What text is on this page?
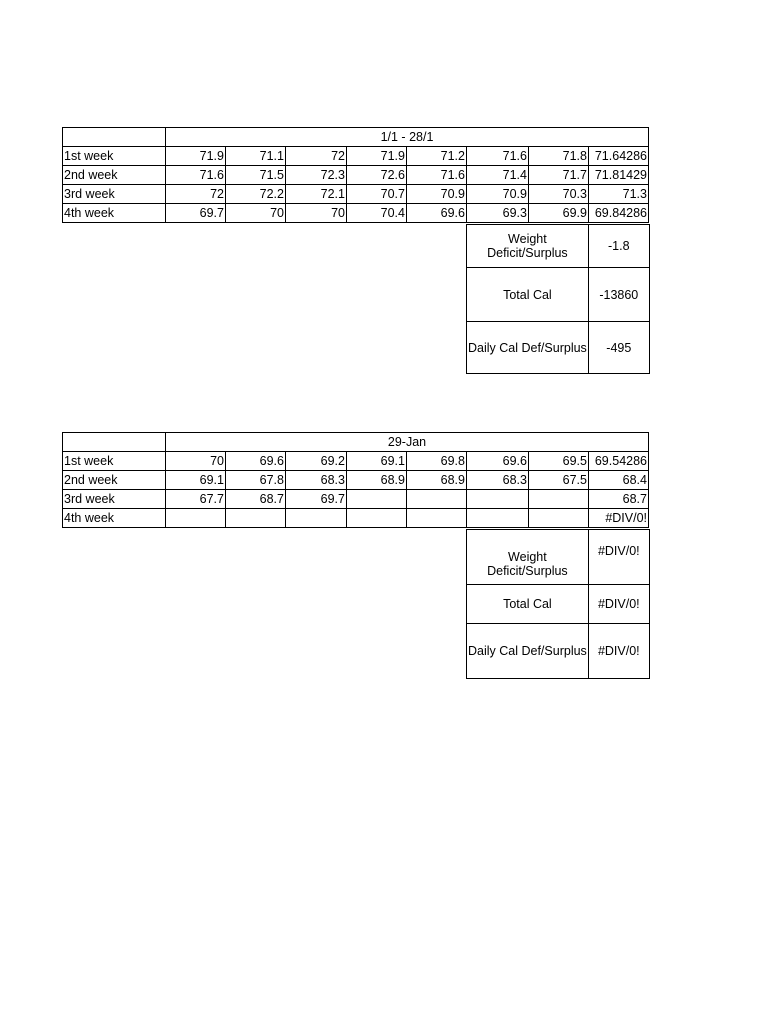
	1/1 - 28/1							
1st week	71.9	71.1	72	71.9	71.2	71.6	71.8	71.64286
2nd week	71.6	71.5	72.3	72.6	71.6	71.4	71.7	71.81429
3rd week	72	72.2	72.1	70.7	70.9	70.9	70.3	71.3
4th week	69.7	70	70	70.4	69.6	69.3	69.9	69.84286
Weight
Deficit/Surplus	-1.8
Total Cal	-13860
Daily Cal Def/Surplus	-495
	29-Jan							
1st week	70	69.6	69.2	69.1	69.8	69.6	69.5	69.54286
2nd week	69.1	67.8	68.3	68.9	68.9	68.3	67.5	68.4
3rd week	67.7	68.7	69.7					68.7
4th week								#DIV/0!
Weight
Deficit/Surplus	#DIV/0!
Total Cal	#DIV/0!
Daily Cal Def/Surplus	#DIV/0!
